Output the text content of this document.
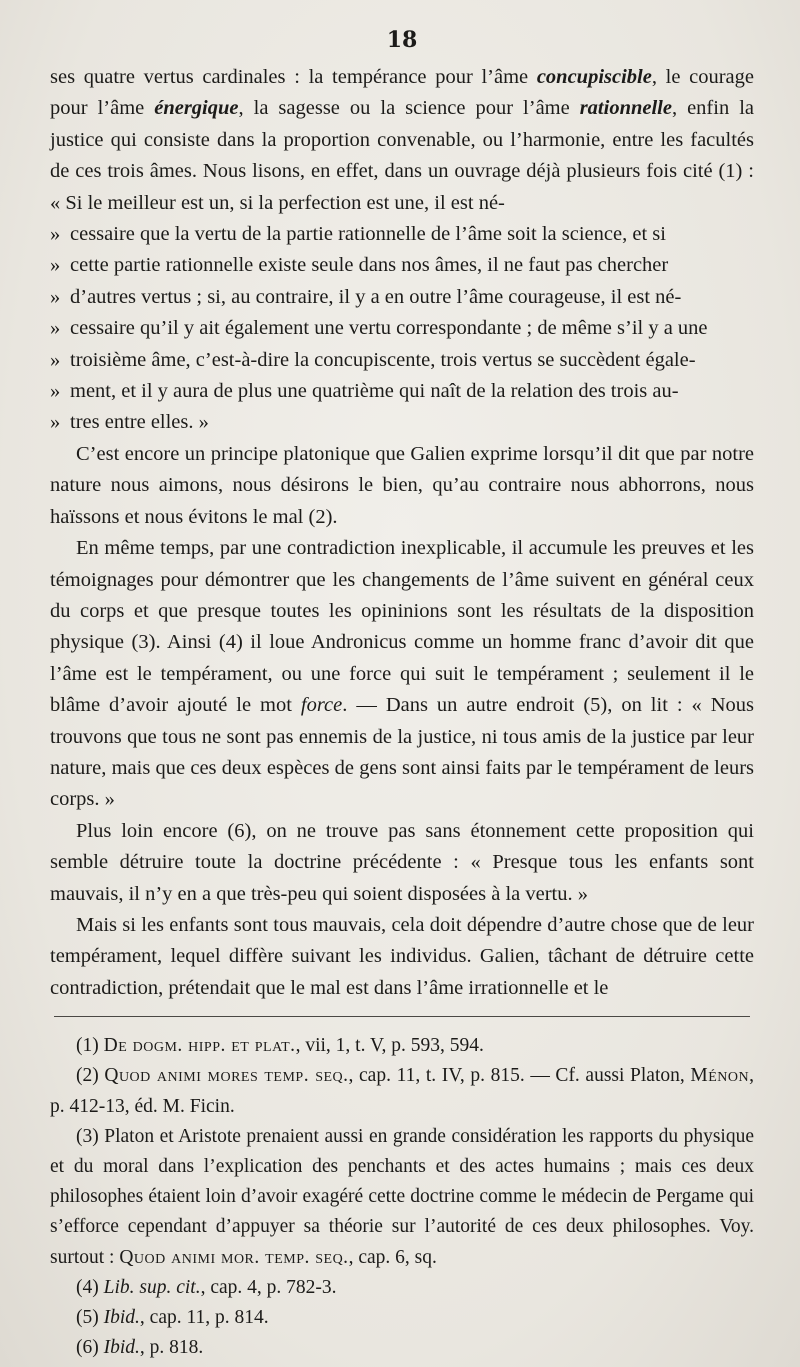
18

ses quatre vertus cardinales : la tempérance pour l’âme concupiscible, le courage pour l’âme énergique, la sagesse ou la science pour l’âme rationnelle, enfin la justice qui consiste dans la proportion convenable, ou l’harmonie, entre les facultés de ces trois âmes. Nous lisons, en effet, dans un ouvrage déjà plusieurs fois cité (1) : « Si le meilleur est un, si la perfection est une, il est né-

» cessaire que la vertu de la partie rationnelle de l’âme soit la science, et si
» cette partie rationnelle existe seule dans nos âmes, il ne faut pas chercher
» d’autres vertus ; si, au contraire, il y a en outre l’âme courageuse, il est né-
» cessaire qu’il y ait également une vertu correspondante ; de même s’il y a une
» troisième âme, c’est-à-dire la concupiscente, trois vertus se succèdent égale-
» ment, et il y aura de plus une quatrième qui naît de la relation des trois au-
» tres entre elles. »

C’est encore un principe platonique que Galien exprime lorsqu’il dit que par notre nature nous aimons, nous désirons le bien, qu’au contraire nous abhorrons, nous haïssons et nous évitons le mal (2).

En même temps, par une contradiction inexplicable, il accumule les preuves et les témoignages pour démontrer que les changements de l’âme suivent en général ceux du corps et que presque toutes les opininions sont les résultats de la disposition physique (3). Ainsi (4) il loue Andronicus comme un homme franc d’avoir dit que l’âme est le tempérament, ou une force qui suit le tempérament ; seulement il le blâme d’avoir ajouté le mot force. — Dans un autre endroit (5), on lit : « Nous trouvons que tous ne sont pas ennemis de la justice, ni tous amis de la justice par leur nature, mais que ces deux espèces de gens sont ainsi faits par le tempérament de leurs corps. »

Plus loin encore (6), on ne trouve pas sans étonnement cette proposition qui semble détruire toute la doctrine précédente : « Presque tous les enfants sont mauvais, il n’y en a que très-peu qui soient disposées à la vertu. »

Mais si les enfants sont tous mauvais, cela doit dépendre d’autre chose que de leur tempérament, lequel diffère suivant les individus. Galien, tâchant de détruire cette contradiction, prétendait que le mal est dans l’âme irrationnelle et le

(1) De dogm. hipp. et plat., vii, 1, t. V, p. 593, 594.

(2) Quod animi mores temp. seq., cap. 11, t. IV, p. 815. — Cf. aussi Platon, Ménon, p. 412-13, éd. M. Ficin.

(3) Platon et Aristote prenaient aussi en grande considération les rapports du physique et du moral dans l’explication des penchants et des actes humains ; mais ces deux philosophes étaient loin d’avoir exagéré cette doctrine comme le médecin de Pergame qui s’efforce cependant d’appuyer sa théorie sur l’autorité de ces deux philosophes. Voy. surtout : Quod animi mor. temp. seq., cap. 6, sq.

(4) Lib. sup. cit., cap. 4, p. 782-3.

(5) Ibid., cap. 11, p. 814.

(6) Ibid., p. 818.
